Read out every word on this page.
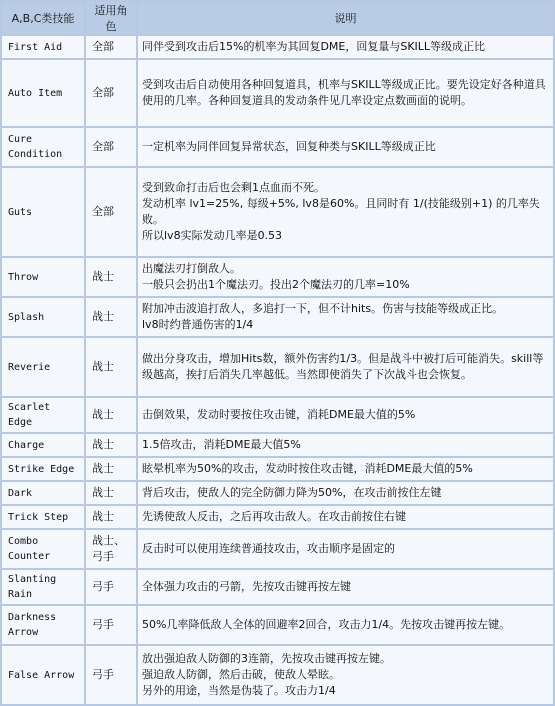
A,B,C类技能	适用角色	说明
First Aid	全部	同伴受到攻击后15%的机率为其回复DME，回复量与SKILL等级成正比

Auto Item	全部	受到攻击后自动使用各种回复道具，机率与SKILL等级成正比。要先设定好各种道具使用的几率。各种回复道具的发动条件见几率设定点数画面的说明。

Cure Condition	全部	一定机率为同伴回复异常状态，回复种类与SKILL等级成正比

Guts	全部	受到致命打击后也会剩1点血而不死。
发动机率 lv1=25%, 每级+5%, lv8是60%。且同时有 1/(技能级别+1) 的几率失败。
所以lv8实际发动几率是0.53

Throw	战士	出魔法刃打倒敌人。
一般只会扔出1个魔法刃。投出2个魔法刃的几率=10%

Splash	战士	附加冲击波追打敌人，多追打一下，但不计hits。伤害与技能等级成正比。
lv8时约普通伤害的1/4

Reverie	战士	做出分身攻击，增加Hits数，额外伤害约1/3。但是战斗中被打后可能消失。skill等级越高，挨打后消失几率越低。当然即使消失了下次战斗也会恢复。

Scarlet Edge	战士	击倒效果，发动时要按住攻击键，消耗DME最大值的5%

Charge	战士	1.5倍攻击，消耗DME最大值5%

Strike Edge	战士	眩晕机率为50%的攻击，发动时按住攻击键，消耗DME最大值的5%

Dark	战士	背后攻击，使敌人的完全防御力降为50%，在攻击前按住左键

Trick Step	战士	先诱使敌人反击，之后再攻击敌人。在攻击前按住右键

Combo Counter	战士、弓手	反击时可以使用连续普通技攻击，攻击顺序是固定的

Slanting Rain	弓手	全体强力攻击的弓箭，先按攻击键再按左键

Darkness Arrow	弓手	50%几率降低敌人全体的回避率2回合，攻击力1/4。先按攻击键再按左键。

False Arrow	弓手	放出强迫敌人防御的3连箭，先按攻击键再按左键。
强迫敌人防御，然后击破，使敌人晕眩。
另外的用途，当然是伪装了。攻击力1/4
